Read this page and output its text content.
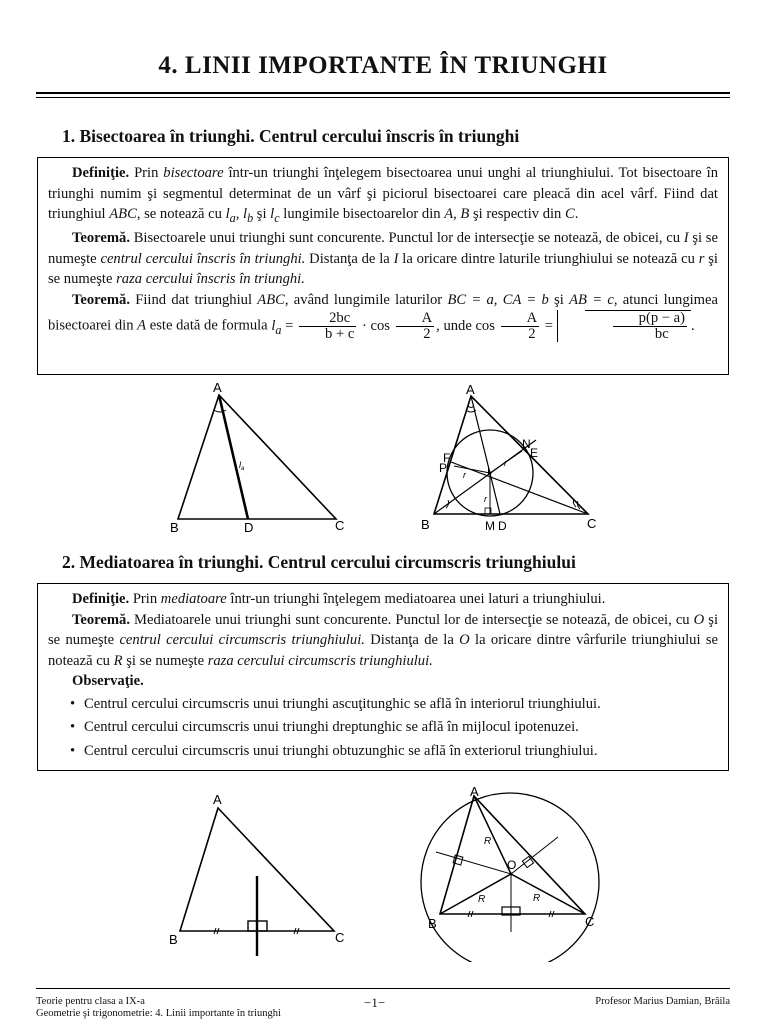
4. LINII IMPORTANTE ÎN TRIUNGHI
1. Bisectoarea în triunghi. Centrul cercului înscris în triunghi

Definiţie. Prin bisectoare într-un triunghi înţelegem bisectoarea unui unghi al triunghiului. Tot bisectoare în triunghi numim şi segmentul determinat de un vârf şi piciorul bisectoarei care pleacă din acel vârf. Fiind dat triunghiul ABC, se notează cu $l_a$, $l_b$ şi $l_c$ lungimile bisectoarelor din A, B şi respectiv din C.

Teoremă. Bisectoarele unui triunghi sunt concurente. Punctul lor de intersecţie se notează, de obicei, cu I şi se numeşte centrul cercului înscris în triunghi. Distanţa de la I la oricare dintre laturile triunghiului se notează cu r şi se numeşte raza cercului înscris în triunghi.

Teoremă. Fiind dat triunghiul ABC, având lungimile laturilor BC = a, CA = b şi AB = c, atunci lungimea bisectoarei din A este dată de formula $l_a = \frac{2bc}{b + c} \cdot \cos \frac{A}{2}$ , unde $\cos \frac{A}{2}$ =	$\frac{p(p - a)}{bc}$ .

A
B	C
D
$l_a$
A
B	C
M D
N
E
F
P	I
r
r
r
2. Mediatoarea în triunghi. Centrul cercului circumscris triunghiului

Definiţie. Prin mediatoare într-un triunghi înţelegem mediatoarea unei laturi a triunghiului.

Teoremă. Mediatoarele unui triunghi sunt concurente. Punctul lor de intersecţie se notează, de obicei, cu O şi se numeşte centrul cercului circumscris triunghiului. Distanţa de la O la oricare dintre vârfurile triunghiului se notează cu R şi se numeşte raza cercului circumscris triunghiului.

Observaţie.

• Centrul cercului circumscris unui triunghi ascuţitunghic se află în interiorul triunghiului.
• Centrul cercului circumscris unui triunghi dreptunghic se află în mijlocul ipotenuzei.
• Centrul cercului circumscris unui triunghi obtuzunghic se află în exteriorul triunghiului.
A
B	C
A
B	C
O
R
R	R
Teorie pentru clasa a IX-a
Geometrie şi trigonometrie: 4. Linii importante în triunghi
−1−	Profesor Marius Damian, Brăila
